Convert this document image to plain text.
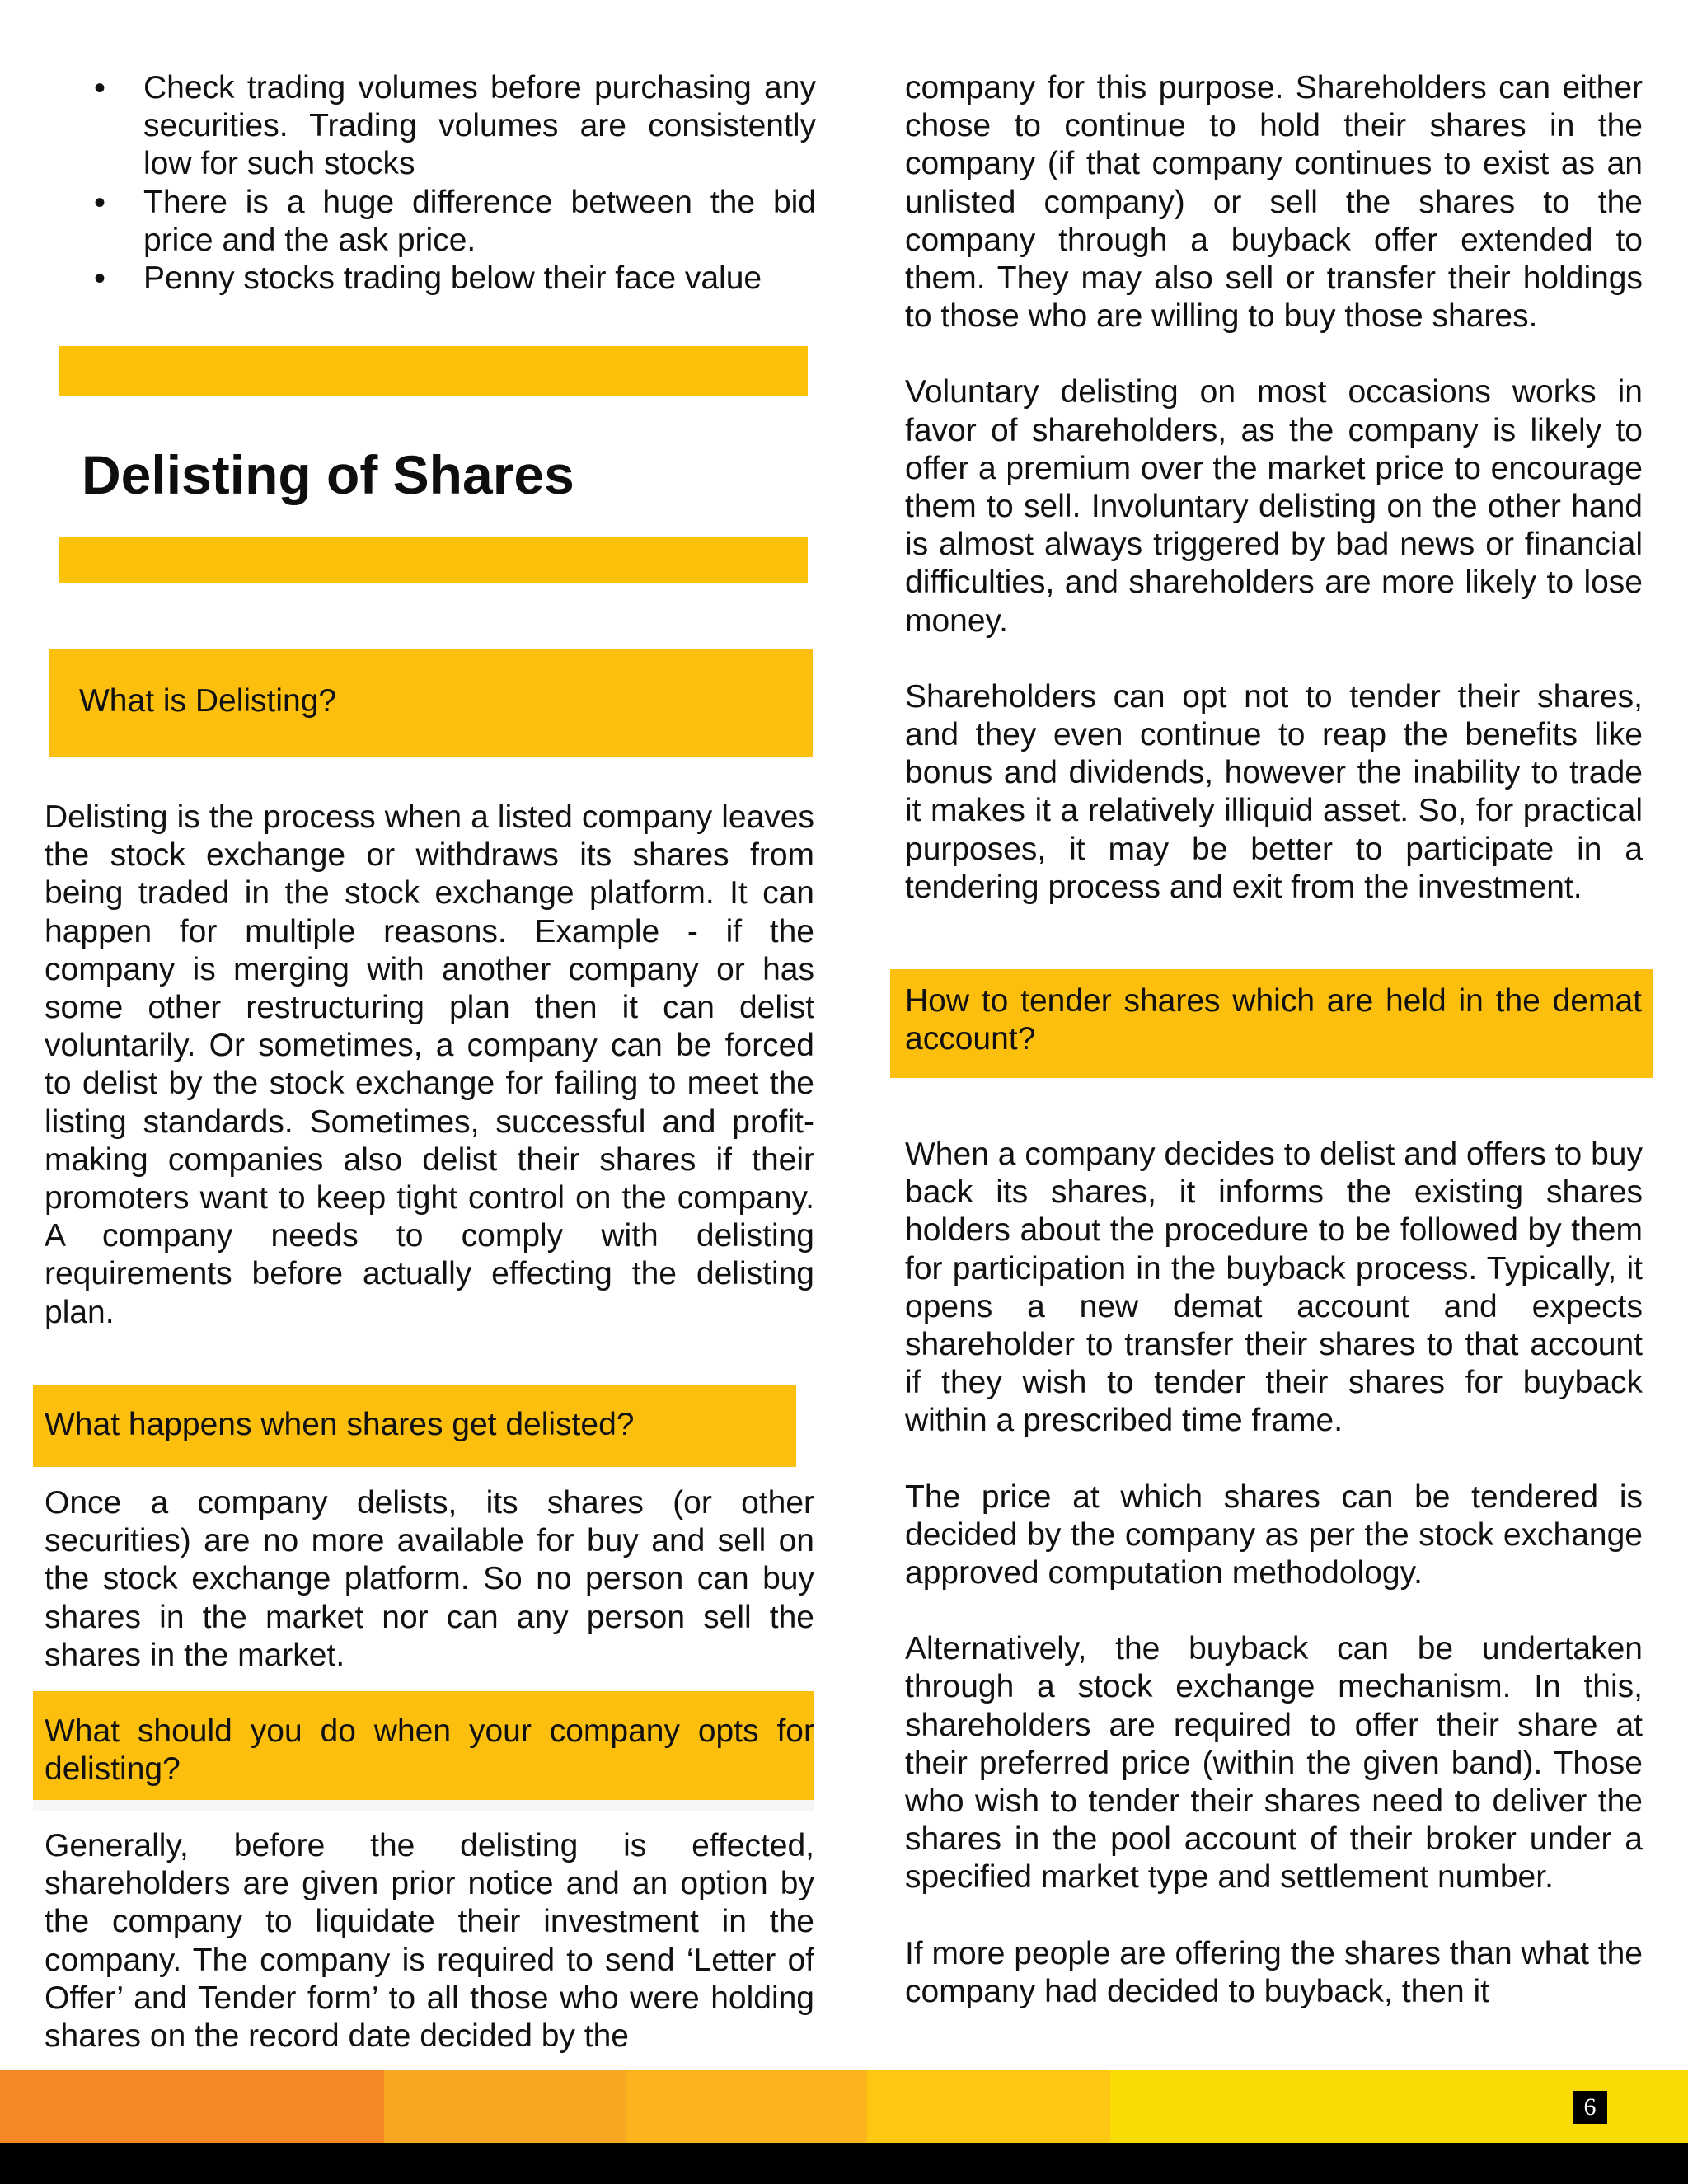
• Check trading volumes before purchasing any securities. Trading volumes are consistently low for such stocks
• There is a huge difference between the bid price and the ask price.
• Penny stocks trading below their face value
Delisting of Shares
What is Delisting?

Delisting is the process when a listed company leaves the stock exchange or withdraws its shares from being traded in the stock exchange platform. It can happen for multiple reasons. Example - if the company is merging with another company or has some other restructuring plan then it can delist voluntarily. Or sometimes, a company can be forced to delist by the stock exchange for failing to meet the listing standards. Sometimes, successful and profit-making companies also delist their shares if their promoters want to keep tight control on the company. A company needs to comply with delisting requirements before actually effecting the delisting plan.

What happens when shares get delisted?

Once a company delists, its shares (or other securities) are no more available for buy and sell on the stock exchange platform. So no person can buy shares in the market nor can any person sell the shares in the market.

What should you do when your company opts for delisting?

Generally, before the delisting is effected, shareholders are given prior notice and an option by the company to liquidate their investment in the company. The company is required to send ‘Letter of Offer’ and Tender form’ to all those who were holding shares on the record date decided by the

company for this purpose. Shareholders can either chose to continue to hold their shares in the company (if that company continues to exist as an unlisted company) or sell the shares to the company through a buyback offer extended to them. They may also sell or transfer their holdings to those who are willing to buy those shares.

Voluntary delisting on most occasions works in favor of shareholders, as the company is likely to offer a premium over the market price to encourage them to sell. Involuntary delisting on the other hand is almost always triggered by bad news or financial difficulties, and shareholders are more likely to lose money.

Shareholders can opt not to tender their shares, and they even continue to reap the benefits like bonus and dividends, however the inability to trade it makes it a relatively illiquid asset. So, for practical purposes, it may be better to participate in a tendering process and exit from the investment.

How to tender shares which are held in the demat account?

When a company decides to delist and offers to buy back its shares, it informs the existing shares holders about the procedure to be followed by them for participation in the buyback process. Typically, it opens a new demat account and expects shareholder to transfer their shares to that account if they wish to tender their shares for buyback within a prescribed time frame.

The price at which shares can be tendered is decided by the company as per the stock exchange approved computation methodology.

Alternatively, the buyback can be undertaken through a stock exchange mechanism. In this, shareholders are required to offer their share at their preferred price (within the given band). Those who wish to tender their shares need to deliver the shares in the pool account of their broker under a specified market type and settlement number.

If more people are offering the shares than what the company had decided to buyback, then it

6
